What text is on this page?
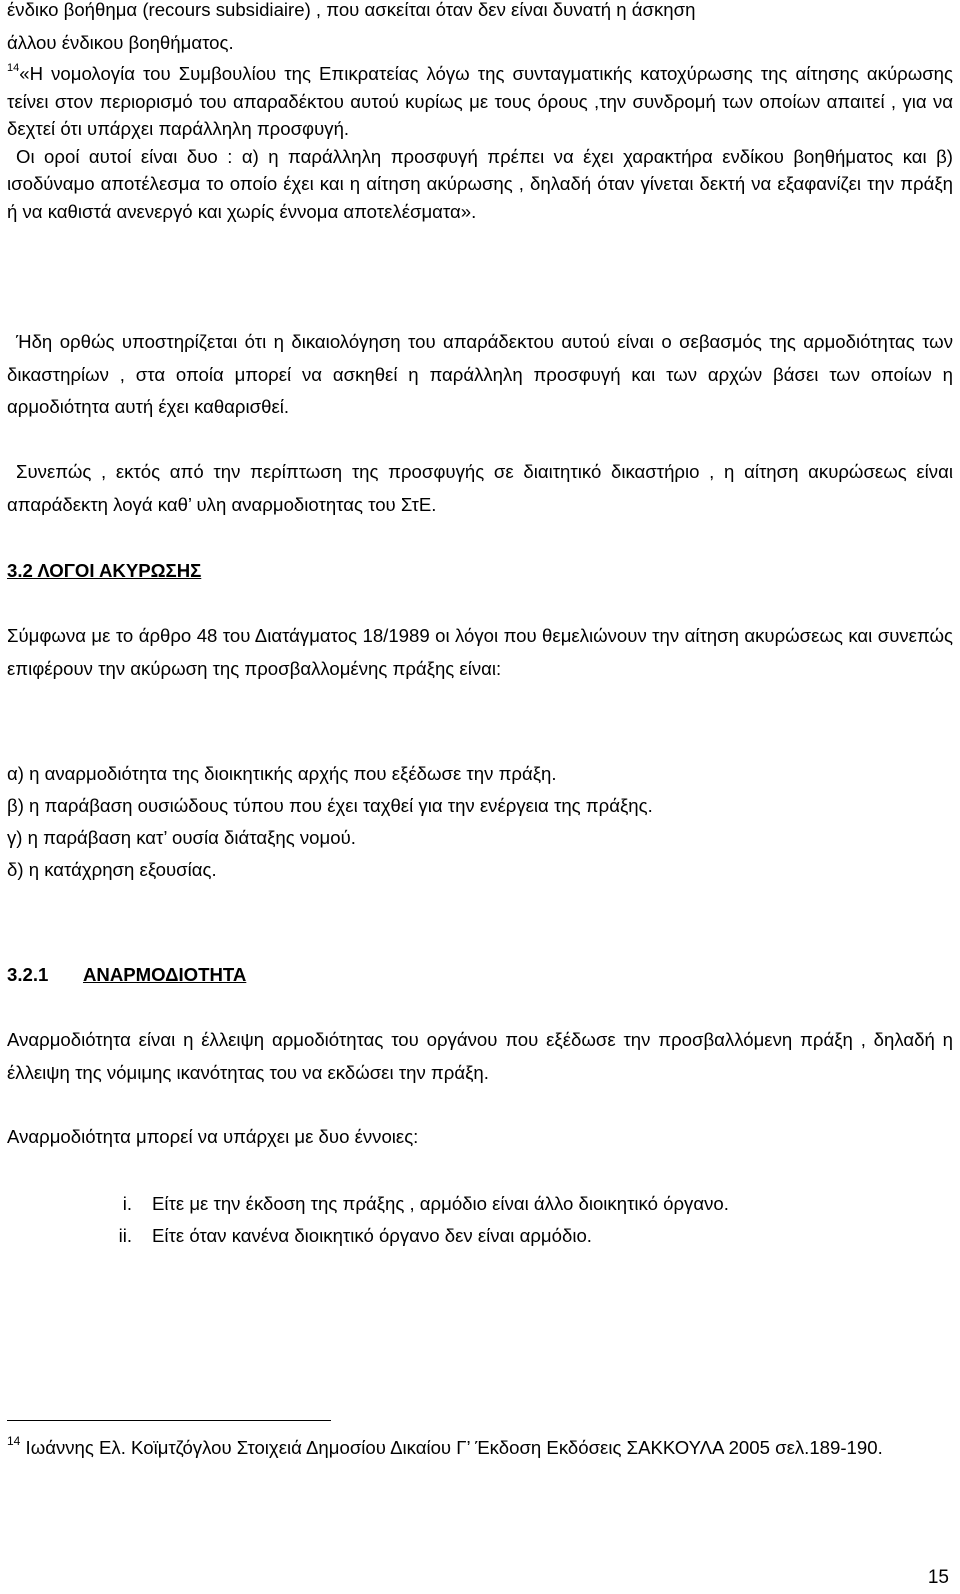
ένδικο βοήθημα (recours subsidiaire) , που ασκείται όταν δεν είναι δυνατή η άσκηση
άλλου ένδικου βοηθήματος.

$^{14}$«Η νομολογία του Συμβουλίου της Επικρατείας λόγω της συνταγματικής κατοχύρωσης της αίτησης ακύρωσης τείνει στον περιορισμό του απαραδέκτου αυτού κυρίως με τους όρους ,την συνδρομή των οποίων απαιτεί , για να δεχτεί ότι υπάρχει παράλληλη προσφυγή.

Οι οροί αυτοί είναι δυο : α) η παράλληλη προσφυγή πρέπει να έχει χαρακτήρα ενδίκου βοηθήματος και β) ισοδύναμο αποτέλεσμα το οποίο έχει και η αίτηση ακύρωσης , δηλαδή όταν γίνεται δεκτή να εξαφανίζει την πράξη ή να καθιστά ανενεργό και χωρίς έννομα αποτελέσματα».

Ήδη ορθώς υποστηρίζεται ότι η δικαιολόγηση του απαράδεκτου αυτού είναι ο σεβασμός της αρμοδιότητας των δικαστηρίων , στα οποία μπορεί να ασκηθεί η παράλληλη προσφυγή και των αρχών βάσει των οποίων η αρμοδιότητα αυτή έχει καθαρισθεί.
Συνεπώς , εκτός από την περίπτωση της προσφυγής σε διαιτητικό δικαστήριο , η αίτηση ακυρώσεως είναι απαράδεκτη λογά καθ’ υλη αναρμοδιοτητας του ΣτΕ.
3.2 ΛΟΓΟΙ ΑΚΥΡΩΣΗΣ
Σύμφωνα με το άρθρο 48 του Διατάγματος 18/1989 οι λόγοι που θεμελιώνουν την αίτηση ακυρώσεως και συνεπώς επιφέρουν την ακύρωση της προσβαλλομένης πράξης είναι:
α) η αναρμοδιότητα της διοικητικής αρχής που εξέδωσε την πράξη.
β) η παράβαση ουσιώδους τύπου που έχει ταχθεί για την ενέργεια της πράξης.
γ) η παράβαση κατ’ ουσία διάταξης νομού.
δ) η κατάχρηση εξουσίας.
3.2.1 ΑΝΑΡΜΟΔΙΟΤΗΤΑ
Αναρμοδιότητα είναι η έλλειψη αρμοδιότητας του οργάνου που εξέδωσε την προσβαλλόμενη πράξη , δηλαδή η έλλειψη της νόμιμης ικανότητας του να εκδώσει την πράξη.
Αναρμοδιότητα μπορεί να υπάρχει με δυο έννοιες:
i. Είτε με την έκδοση της πράξης , αρμόδιο είναι άλλο διοικητικό όργανο.
ii. Είτε όταν κανένα διοικητικό όργανο δεν είναι αρμόδιο.
$^{14}$ Ιωάννης Ελ. Κοϊμτζόγλου Στοιχειά Δημοσίου Δικαίου Γ’ Έκδοση Εκδόσεις ΣΑΚΚΟΥΛΑ 2005 σελ.189-190.
15
